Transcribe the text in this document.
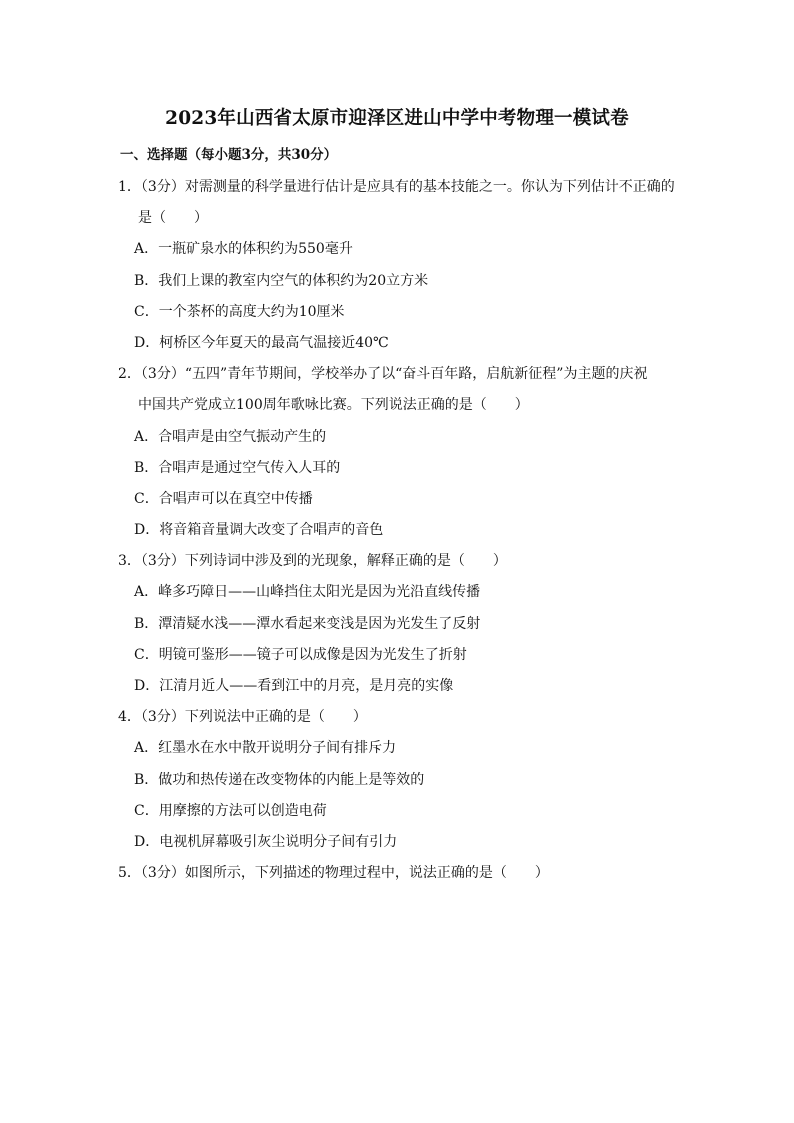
2023年山西省太原市迎泽区进山中学中考物理一模试卷
一、选择题（每小题3分，共30分）
1．（3分）对需测量的科学量进行估计是应具有的基本技能之一。你认为下列估计不正确的
是（　　）
A．一瓶矿泉水的体积约为550毫升
B．我们上课的教室内空气的体积约为20立方米
C．一个茶杯的高度大约为10厘米
D．柯桥区今年夏天的最高气温接近40℃
2．（3分）“五四”青年节期间，学校举办了以“奋斗百年路，启航新征程”为主题的庆祝
中国共产党成立100周年歌咏比赛。下列说法正确的是（　　）
A．合唱声是由空气振动产生的
B．合唱声是通过空气传入人耳的
C．合唱声可以在真空中传播
D．将音箱音量调大改变了合唱声的音色
3．（3分）下列诗词中涉及到的光现象，解释正确的是（　　）
A．峰多巧障日——山峰挡住太阳光是因为光沿直线传播
B．潭清疑水浅——潭水看起来变浅是因为光发生了反射
C．明镜可鉴形——镜子可以成像是因为光发生了折射
D．江清月近人——看到江中的月亮，是月亮的实像
4．（3分）下列说法中正确的是（　　）
A．红墨水在水中散开说明分子间有排斥力
B．做功和热传递在改变物体的内能上是等效的
C．用摩擦的方法可以创造电荷
D．电视机屏幕吸引灰尘说明分子间有引力
5．（3分）如图所示，下列描述的物理过程中，说法正确的是（　　）
